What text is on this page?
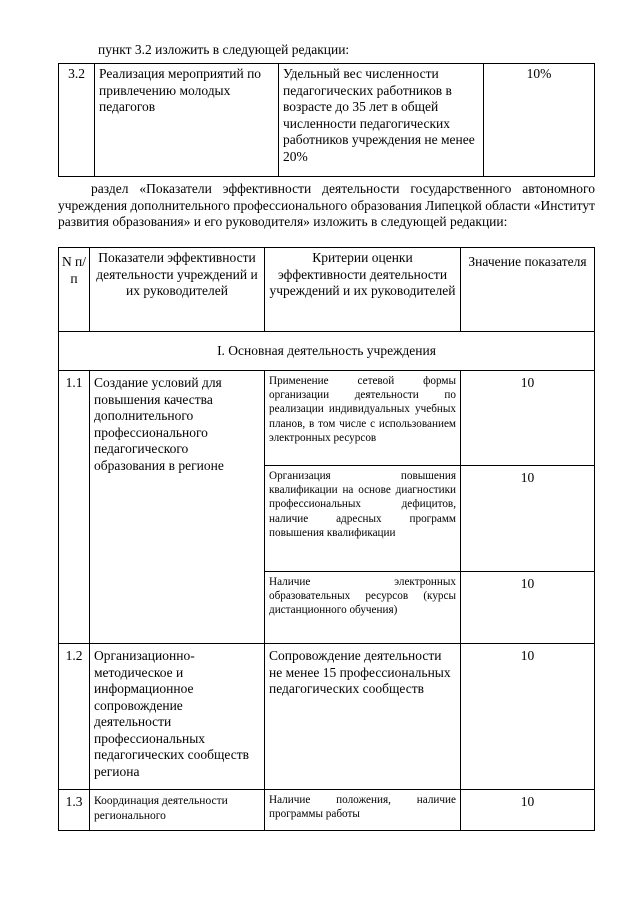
пункт 3.2 изложить в следующей редакции:

3.2	Реализация мероприятий по привлечению молодых педагогов	Удельный вес численности педагогических работников в возрасте до 35 лет в общей численности педагогических работников учреждения не менее 20%	10%

раздел «Показатели эффективности деятельности государственного автономного учреждения дополнительного профессионального образования Липецкой области «Институт развития образования» и его руководителя» изложить в следующей редакции:

N п/п	Показатели эффективности деятельности учреждений и их руководителей	Критерии оценки эффективности деятельности учреждений и их руководителей	Значение показателя
I. Основная деятельность учреждения			
1.1	Создание условий для повышения качества дополнительного профессионального педагогического образования в регионе	Применение сетевой формы организации деятельности по реализации индивидуальных учебных планов, в том числе с использованием электронных ресурсов	10
		Организация повышения квалификации на основе диагностики профессиональных дефицитов, наличие адресных программ повышения квалификации	10
		Наличие электронных образовательных ресурсов (курсы дистанционного обучения)	10
1.2	Организационно-методическое и информационное сопровождение деятельности профессиональных педагогических сообществ региона	Сопровождение деятельности не менее 15 профессиональных педагогических сообществ	10
1.3	Координация деятельности регионального	Наличие положения, наличие программы работы	10
